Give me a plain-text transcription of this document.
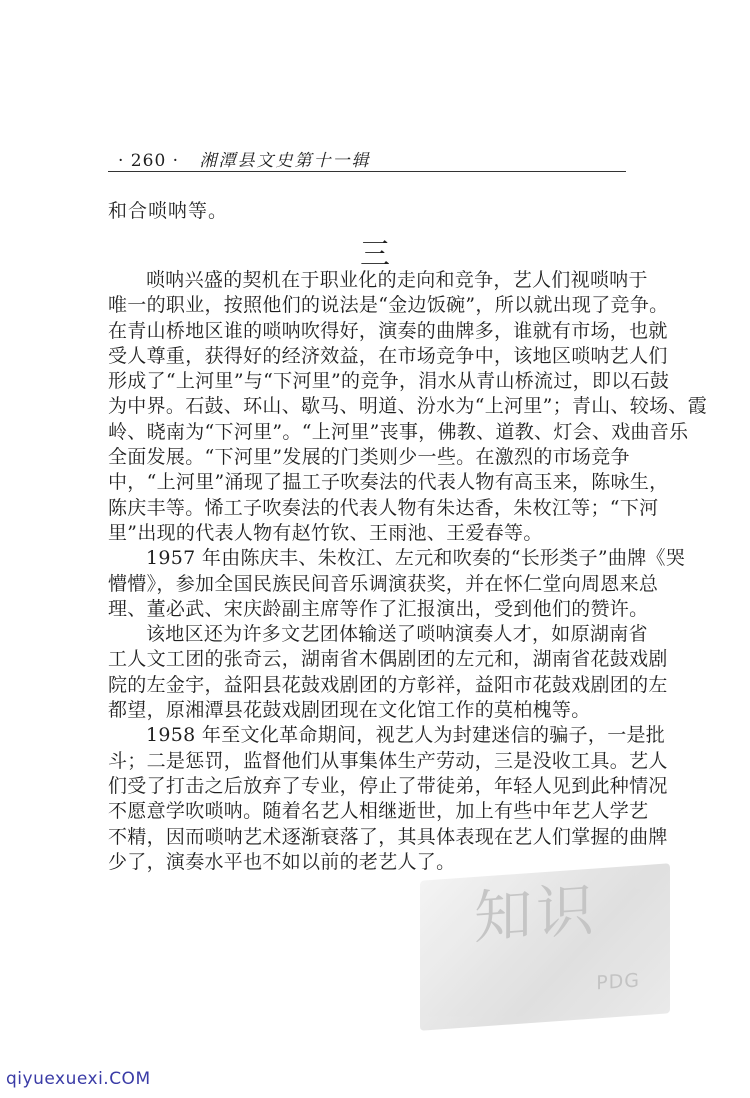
· 260 · 湘潭县文史第十一辑
和合唢呐等。
三
唢呐兴盛的契机在于职业化的走向和竞争，艺人们视唢呐于
唯一的职业，按照他们的说法是“金边饭碗”，所以就出现了竞争。
在青山桥地区谁的唢呐吹得好，演奏的曲牌多，谁就有市场，也就
受人尊重，获得好的经济效益，在市场竞争中，该地区唢呐艺人们
形成了“上河里”与“下河里”的竞争，涓水从青山桥流过，即以石鼓
为中界。石鼓、环山、歇马、明道、汾水为“上河里”；青山、较场、霞
岭、晓南为“下河里”。“上河里”丧事，佛教、道教、灯会、戏曲音乐
全面发展。“下河里”发展的门类则少一些。在激烈的市场竞争
中，“上河里”涌现了揾工子吹奏法的代表人物有高玉来，陈咏生，
陈庆丰等。悕工子吹奏法的代表人物有朱达香，朱枚江等；“下河
里”出现的代表人物有赵竹钦、王雨池、王爱春等。
1957 年由陈庆丰、朱枚江、左元和吹奏的“长形类子”曲牌《哭
懵懵》，参加全国民族民间音乐调演获奖，并在怀仁堂向周恩来总
理、董必武、宋庆龄副主席等作了汇报演出，受到他们的赞许。
该地区还为许多文艺团体输送了唢呐演奏人才，如原湖南省
工人文工团的张奇云，湖南省木偶剧团的左元和，湖南省花鼓戏剧
院的左金宇，益阳县花鼓戏剧团的方彰祥，益阳市花鼓戏剧团的左
都望，原湘潭县花鼓戏剧团现在文化馆工作的莫柏槐等。
1958 年至文化革命期间，视艺人为封建迷信的骗子，一是批
斗；二是惩罚，监督他们从事集体生产劳动，三是没收工具。艺人
们受了打击之后放弃了专业，停止了带徒弟，年轻人见到此种情况
不愿意学吹唢呐。随着名艺人相继逝世，加上有些中年艺人学艺
不精，因而唢呐艺术逐渐衰落了，其具体表现在艺人们掌握的曲牌
少了，演奏水平也不如以前的老艺人了。
知 识
PDG
qiyuexuexi.COM
